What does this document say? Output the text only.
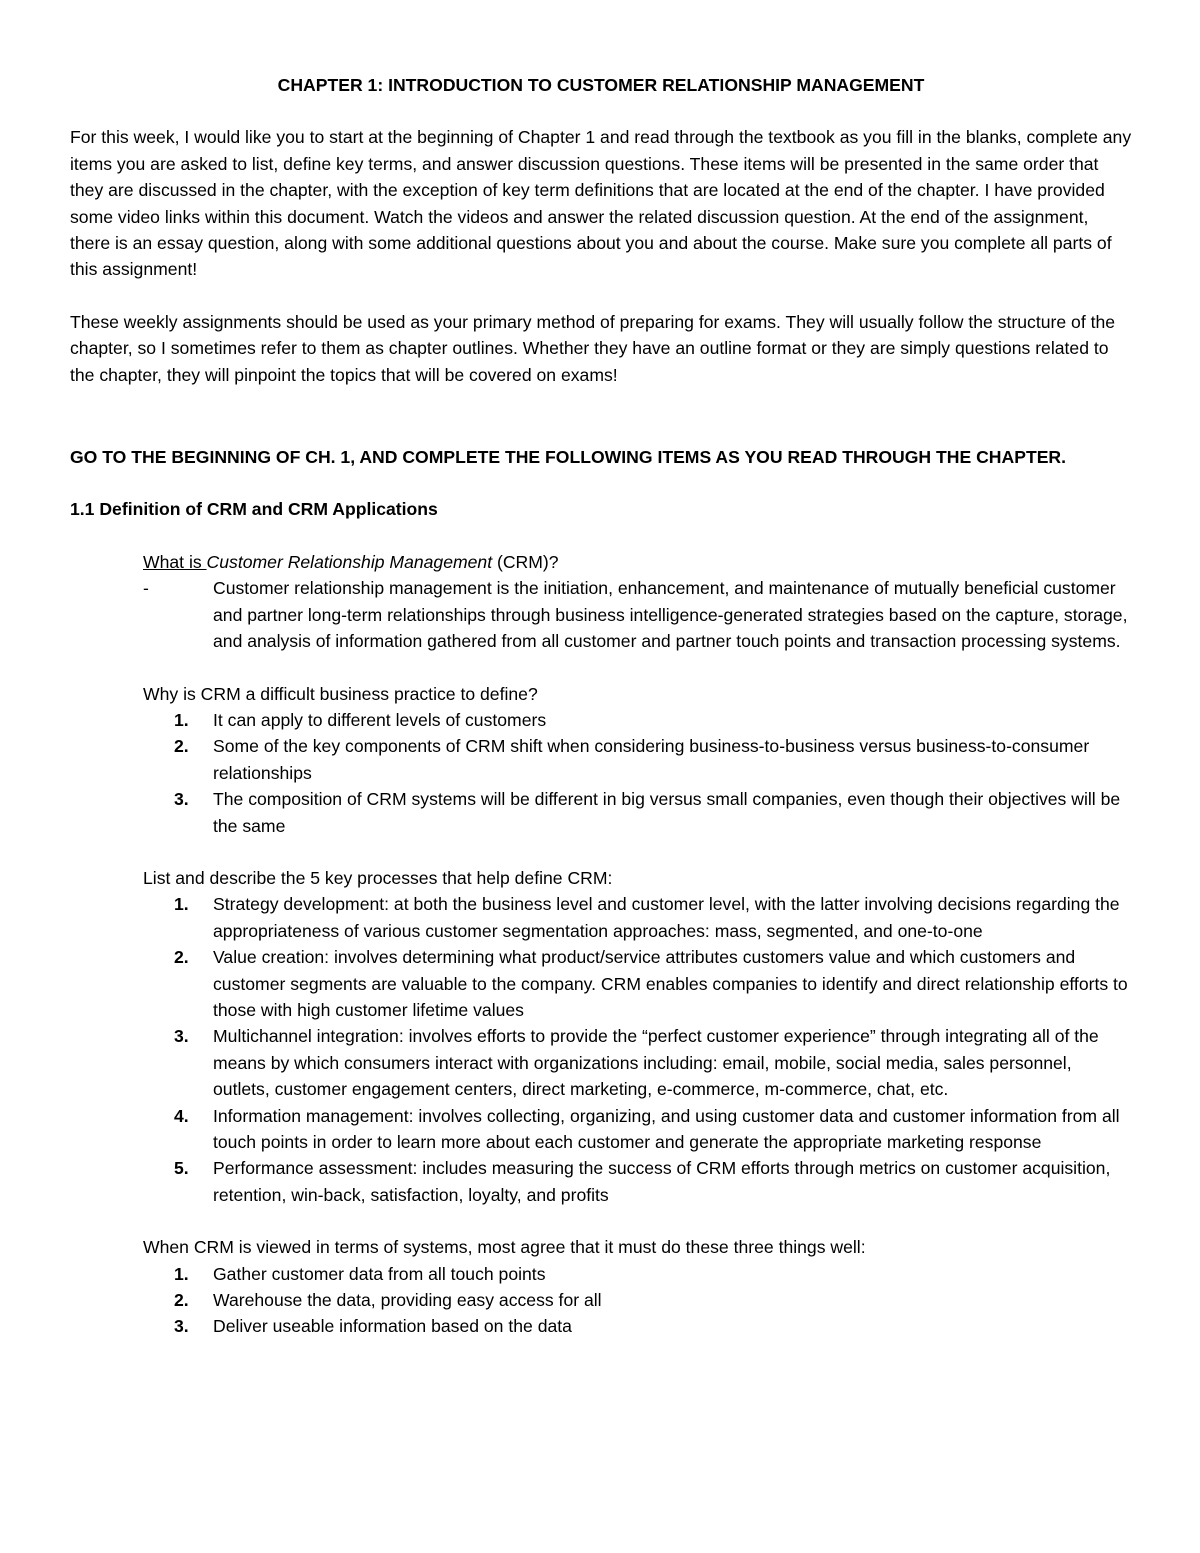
CHAPTER 1: INTRODUCTION TO CUSTOMER RELATIONSHIP MANAGEMENT

For this week, I would like you to start at the beginning of Chapter 1 and read through the textbook as you fill in the blanks, complete any items you are asked to list, define key terms, and answer discussion questions. These items will be presented in the same order that they are discussed in the chapter, with the exception of key term definitions that are located at the end of the chapter. I have provided some video links within this document. Watch the videos and answer the related discussion question. At the end of the assignment, there is an essay question, along with some additional questions about you and about the course. Make sure you complete all parts of this assignment!

These weekly assignments should be used as your primary method of preparing for exams. They will usually follow the structure of the chapter, so I sometimes refer to them as chapter outlines. Whether they have an outline format or they are simply questions related to the chapter, they will pinpoint the topics that will be covered on exams!

GO TO THE BEGINNING OF CH. 1, AND COMPLETE THE FOLLOWING ITEMS AS YOU READ THROUGH THE CHAPTER.

1.1 Definition of CRM and CRM Applications

What is Customer Relationship Management (CRM)?

-	Customer relationship management is the initiation, enhancement, and maintenance of mutually beneficial customer and partner long-term relationships through business intelligence-generated strategies based on the capture, storage, and analysis of information gathered from all customer and partner touch points and transaction processing systems.

Why is CRM a difficult business practice to define?

1. It can apply to different levels of customers
2. Some of the key components of CRM shift when considering business-to-business versus business-to-consumer relationships
3. The composition of CRM systems will be different in big versus small companies, even though their objectives will be the same

List and describe the 5 key processes that help define CRM:

1. Strategy development: at both the business level and customer level, with the latter involving decisions regarding the appropriateness of various customer segmentation approaches: mass, segmented, and one-to-one
2. Value creation: involves determining what product/service attributes customers value and which customers and customer segments are valuable to the company. CRM enables companies to identify and direct relationship efforts to those with high customer lifetime values
3. Multichannel integration: involves efforts to provide the “perfect customer experience” through integrating all of the means by which consumers interact with organizations including: email, mobile, social media, sales personnel, outlets, customer engagement centers, direct marketing, e-commerce, m-commerce, chat, etc.
4. Information management: involves collecting, organizing, and using customer data and customer information from all touch points in order to learn more about each customer and generate the appropriate marketing response
5. Performance assessment: includes measuring the success of CRM efforts through metrics on customer acquisition, retention, win-back, satisfaction, loyalty, and profits

When CRM is viewed in terms of systems, most agree that it must do these three things well:

1. Gather customer data from all touch points
2. Warehouse the data, providing easy access for all
3. Deliver useable information based on the data
